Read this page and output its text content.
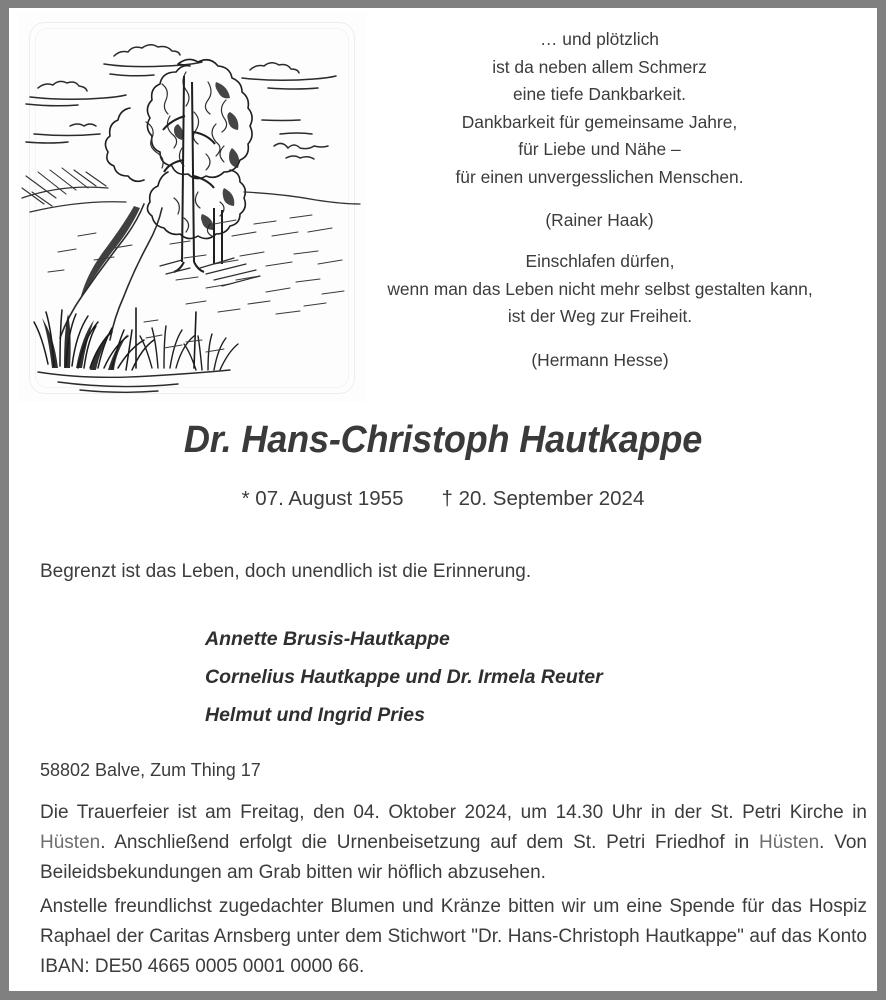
… und plötzlich
ist da neben allem Schmerz
eine tiefe Dankbarkeit.
Dankbarkeit für gemeinsame Jahre,
für Liebe und Nähe –
für einen unvergesslichen Menschen.
(Rainer Haak)
Einschlafen dürfen,
wenn man das Leben nicht mehr selbst gestalten kann,
ist der Weg zur Freiheit.
(Hermann Hesse)
Dr. Hans-Christoph Hautkappe
* 07. August 1955 † 20. September 2024
Begrenzt ist das Leben, doch unendlich ist die Erinnerung.
Annette Brusis-Hautkappe
Cornelius Hautkappe und Dr. Irmela Reuter
Helmut und Ingrid Pries
58802 Balve, Zum Thing 17
Die Trauerfeier ist am Freitag, den 04. Oktober 2024, um 14.30 Uhr in der St. Petri Kirche in Hüsten. Anschließend erfolgt die Urnenbeisetzung auf dem St. Petri Friedhof in Hüsten. Von Beileidsbekundungen am Grab bitten wir höflich abzusehen.
Anstelle freundlichst zugedachter Blumen und Kränze bitten wir um eine Spende für das Hospiz Raphael der Caritas Arnsberg unter dem Stichwort "Dr. Hans-Christoph Hautkappe" auf das Konto IBAN: DE50 4665 0005 0001 0000 66.
